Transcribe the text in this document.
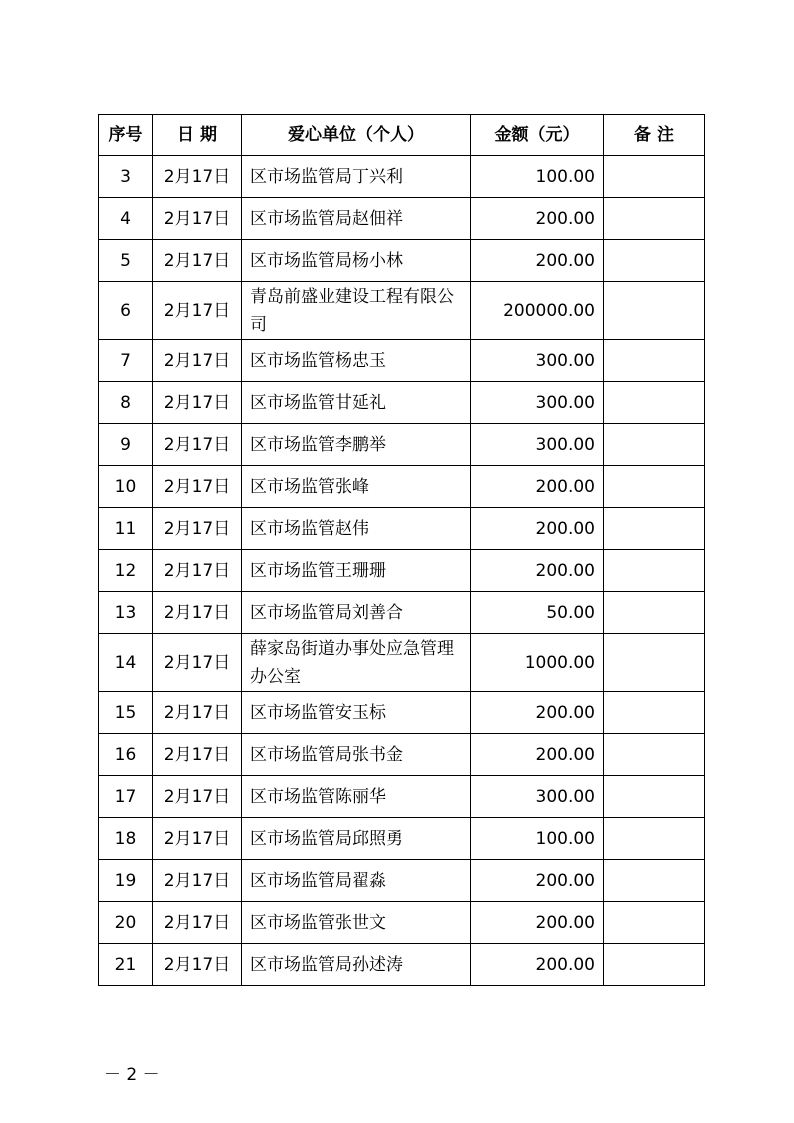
序号	日 期	爱心单位（个人）	金额（元）	备 注
3	2月17日	区市场监管局丁兴利	100.00	
4	2月17日	区市场监管局赵佃祥	200.00	
5	2月17日	区市场监管局杨小林	200.00	
6	2月17日	青岛前盛业建设工程有限公司	200000.00	
7	2月17日	区市场监管杨忠玉	300.00	
8	2月17日	区市场监管甘延礼	300.00	
9	2月17日	区市场监管李鹏举	300.00	
10	2月17日	区市场监管张峰	200.00	
11	2月17日	区市场监管赵伟	200.00	
12	2月17日	区市场监管王珊珊	200.00	
13	2月17日	区市场监管局刘善合	50.00	
14	2月17日	薛家岛街道办事处应急管理办公室	1000.00	
15	2月17日	区市场监管安玉标	200.00	
16	2月17日	区市场监管局张书金	200.00	
17	2月17日	区市场监管陈丽华	300.00	
18	2月17日	区市场监管局邱照勇	100.00	
19	2月17日	区市场监管局翟淼	200.00	
20	2月17日	区市场监管张世文	200.00	
21	2月17日	区市场监管局孙述涛	200.00	
－ 2 －
